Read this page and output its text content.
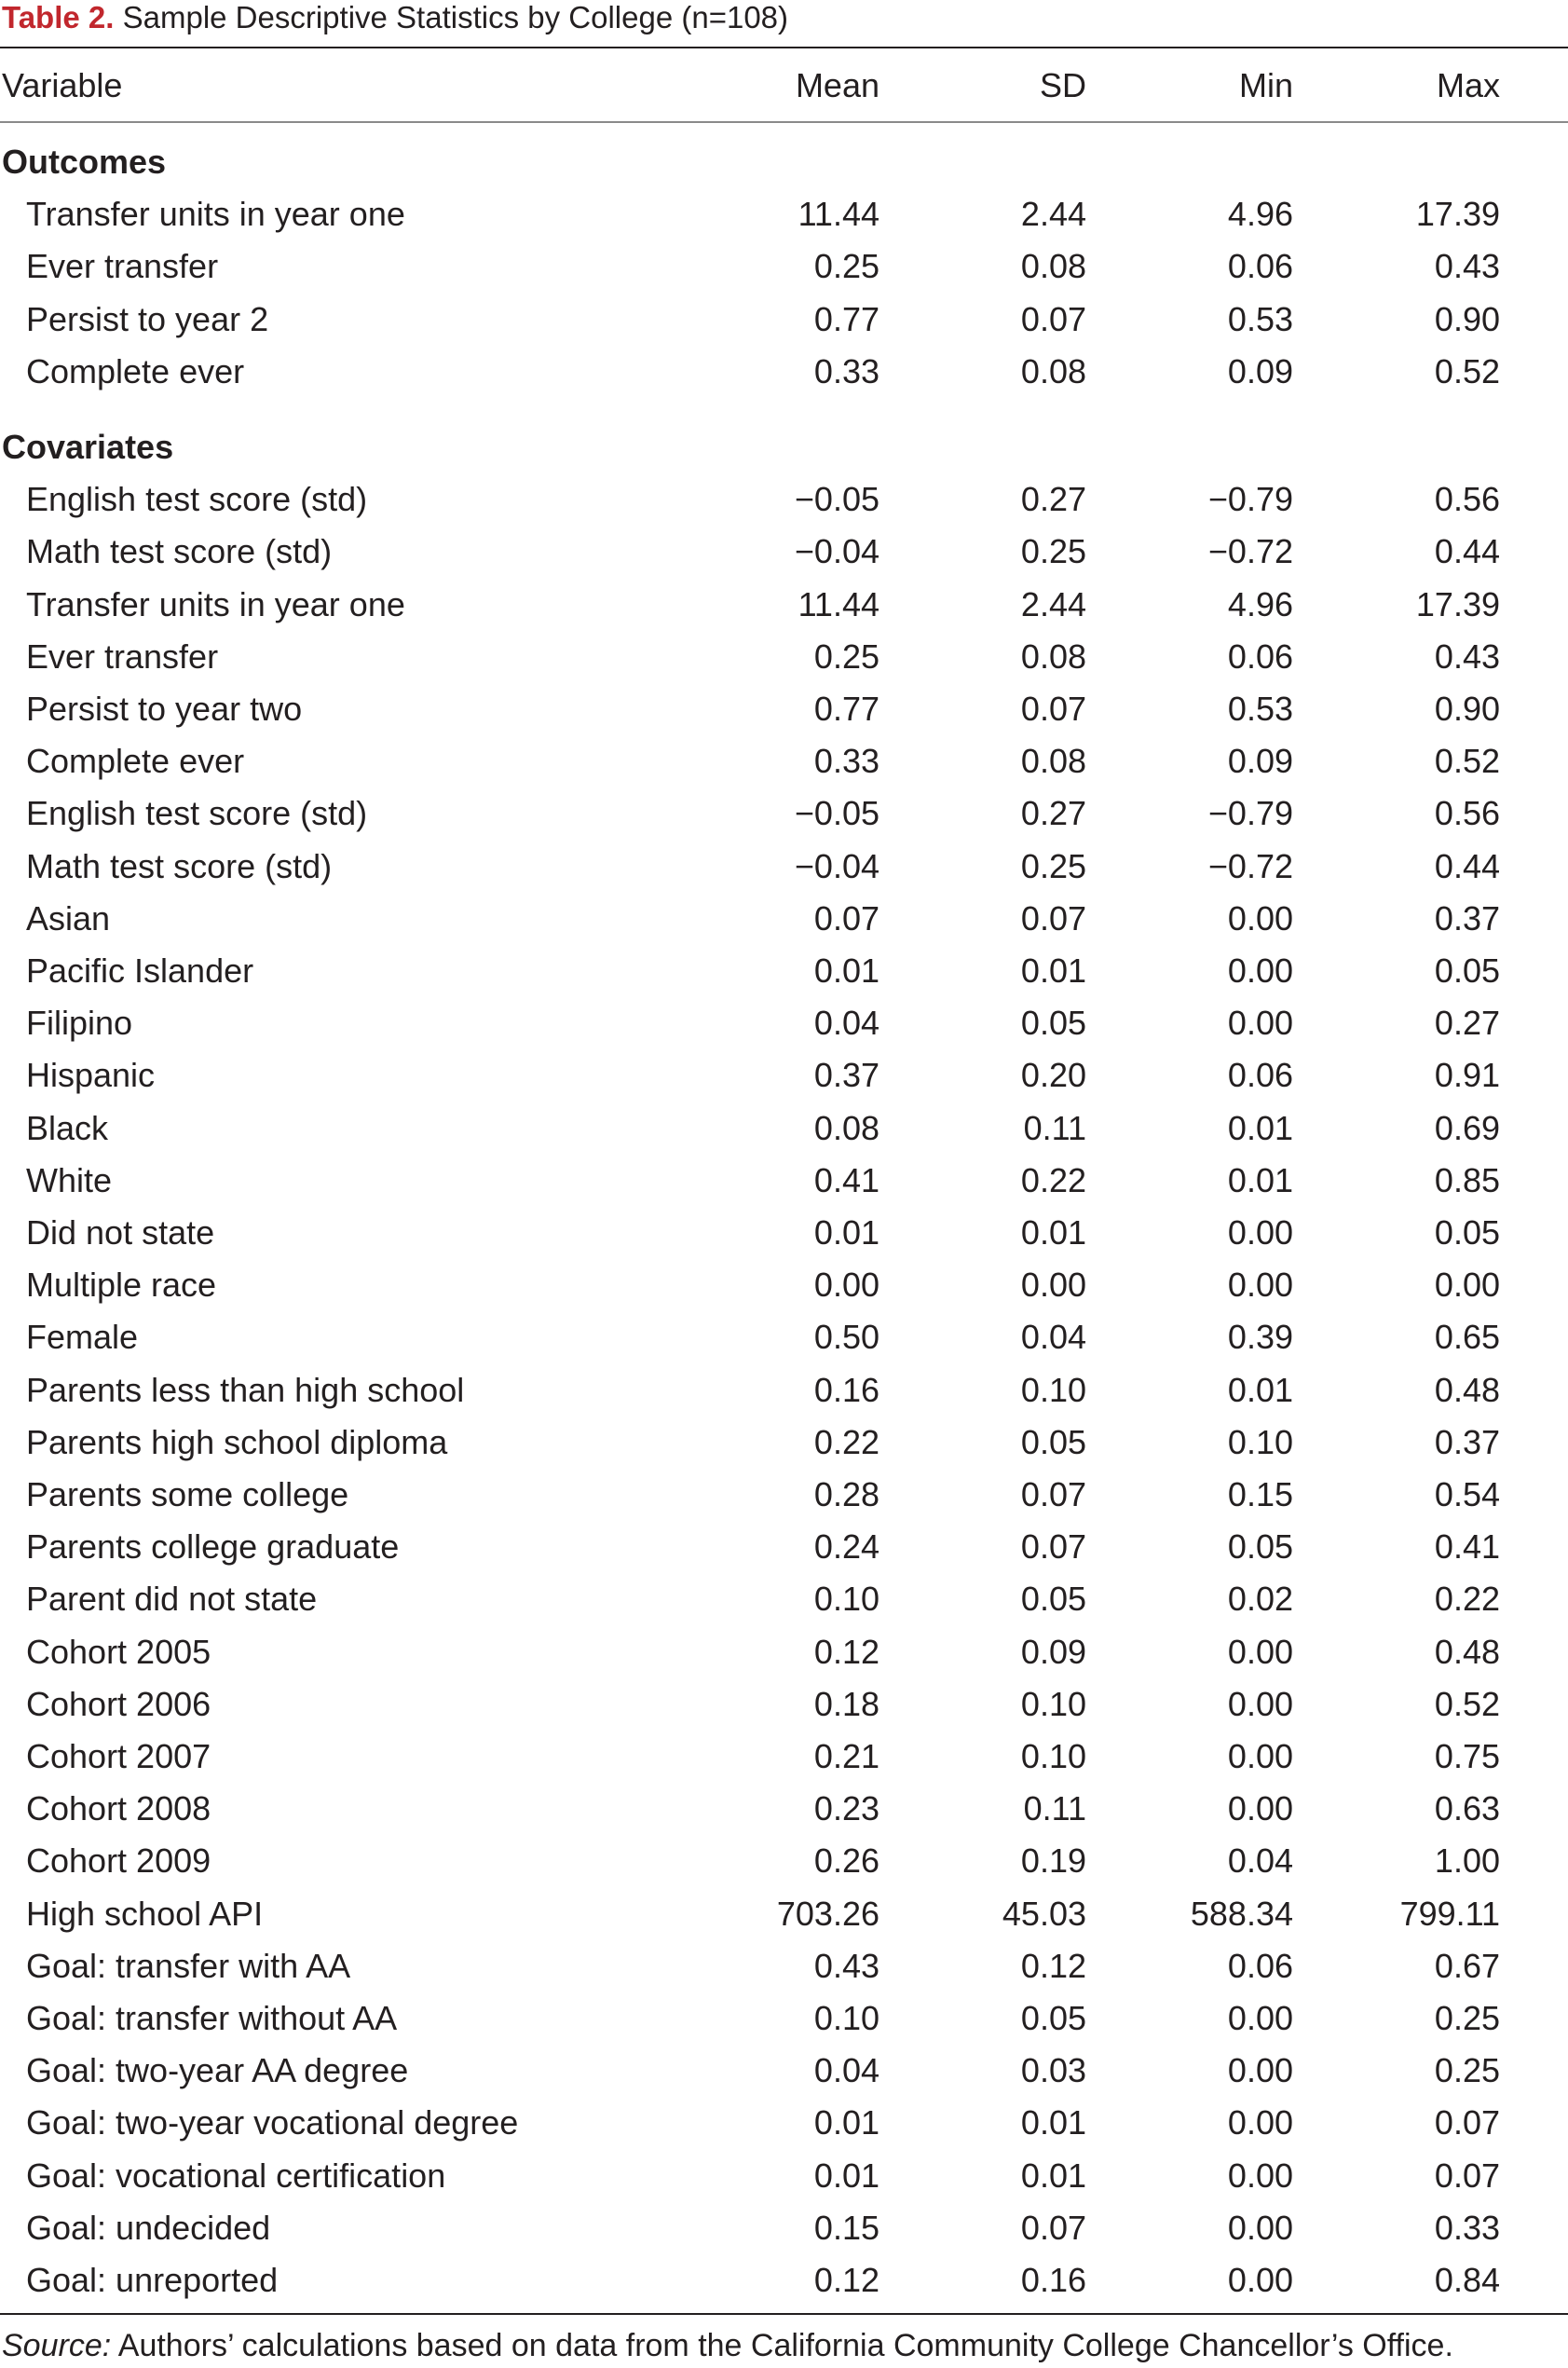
Table 2. Sample Descriptive Statistics by College (n=108)
Variable	Mean	SD	Min	Max
Outcomes
Transfer units in year one	11.44	2.44	4.96	17.39
Ever transfer	0.25	0.08	0.06	0.43
Persist to year 2	0.77	0.07	0.53	0.90
Complete ever	0.33	0.08	0.09	0.52
Covariates
English test score (std)	−0.05	0.27	−0.79	0.56
Math test score (std)	−0.04	0.25	−0.72	0.44
Transfer units in year one	11.44	2.44	4.96	17.39
Ever transfer	0.25	0.08	0.06	0.43
Persist to year two	0.77	0.07	0.53	0.90
Complete ever	0.33	0.08	0.09	0.52
English test score (std)	−0.05	0.27	−0.79	0.56
Math test score (std)	−0.04	0.25	−0.72	0.44
Asian	0.07	0.07	0.00	0.37
Pacific Islander	0.01	0.01	0.00	0.05
Filipino	0.04	0.05	0.00	0.27
Hispanic	0.37	0.20	0.06	0.91
Black	0.08	0.11	0.01	0.69
White	0.41	0.22	0.01	0.85
Did not state	0.01	0.01	0.00	0.05
Multiple race	0.00	0.00	0.00	0.00
Female	0.50	0.04	0.39	0.65
Parents less than high school	0.16	0.10	0.01	0.48
Parents high school diploma	0.22	0.05	0.10	0.37
Parents some college	0.28	0.07	0.15	0.54
Parents college graduate	0.24	0.07	0.05	0.41
Parent did not state	0.10	0.05	0.02	0.22
Cohort 2005	0.12	0.09	0.00	0.48
Cohort 2006	0.18	0.10	0.00	0.52
Cohort 2007	0.21	0.10	0.00	0.75
Cohort 2008	0.23	0.11	0.00	0.63
Cohort 2009	0.26	0.19	0.04	1.00
High school API	703.26	45.03	588.34	799.11
Goal: transfer with AA	0.43	0.12	0.06	0.67
Goal: transfer without AA	0.10	0.05	0.00	0.25
Goal: two-year AA degree	0.04	0.03	0.00	0.25
Goal: two-year vocational degree	0.01	0.01	0.00	0.07
Goal: vocational certification	0.01	0.01	0.00	0.07
Goal: undecided	0.15	0.07	0.00	0.33
Goal: unreported	0.12	0.16	0.00	0.84
Source: Authors’ calculations based on data from the California Community College Chancellor’s Office.
